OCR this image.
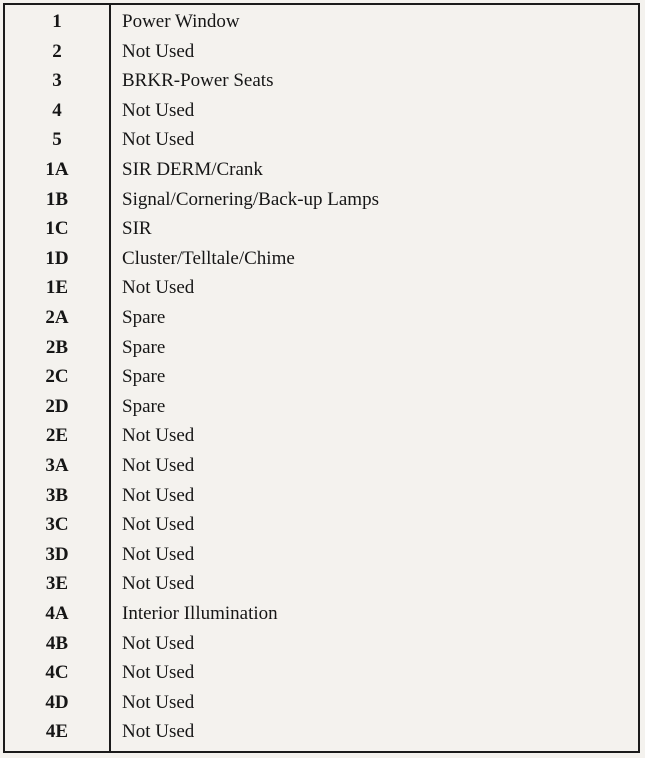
1	Power Window
2	Not Used
3	BRKR-Power Seats
4	Not Used
5	Not Used
1A	SIR DERM/Crank
1B	Signal/Cornering/Back-up Lamps
1C	SIR
1D	Cluster/Telltale/Chime
1E	Not Used
2A	Spare
2B	Spare
2C	Spare
2D	Spare
2E	Not Used
3A	Not Used
3B	Not Used
3C	Not Used
3D	Not Used
3E	Not Used
4A	Interior Illumination
4B	Not Used
4C	Not Used
4D	Not Used
4E	Not Used
